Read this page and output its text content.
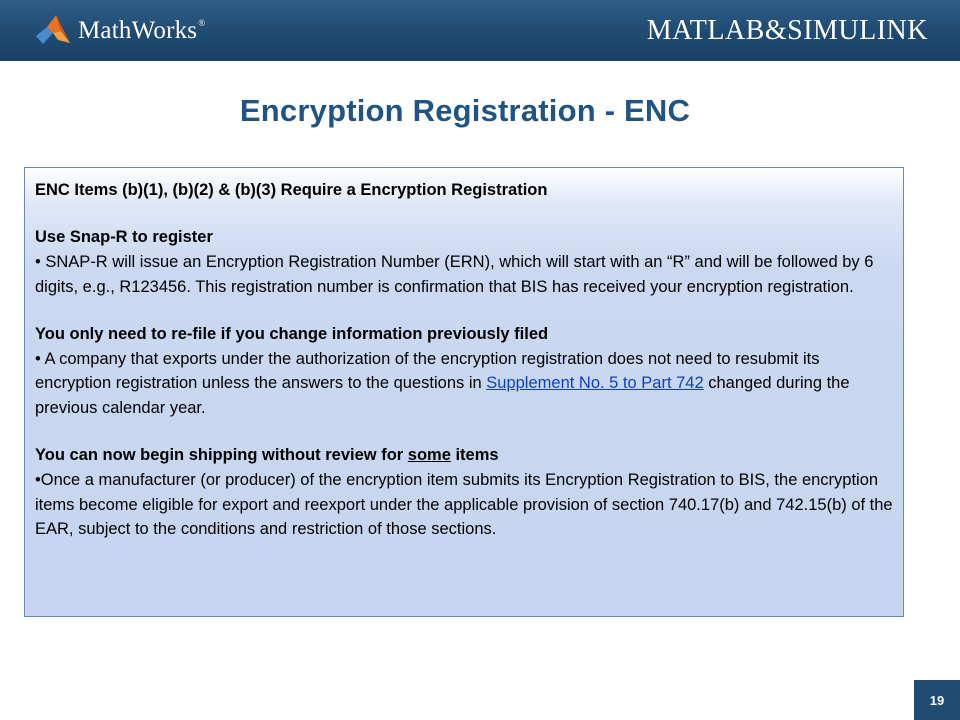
MathWorks®	MATLAB&SIMULINK
Encryption Registration - ENC

ENC Items (b)(1), (b)(2) & (b)(3) Require a Encryption Registration

Use Snap-R to register

• SNAP-R will issue an Encryption Registration Number (ERN), which will start with an “R” and will be followed by 6 digits, e.g., R123456. This registration number is confirmation that BIS has received your encryption registration.

You only need to re-file if you change information previously filed

• A company that exports under the authorization of the encryption registration does not need to resubmit its encryption registration unless the answers to the questions in Supplement No. 5 to Part 742 changed during the previous calendar year.

You can now begin shipping without review for some items

•Once a manufacturer (or producer) of the encryption item submits its Encryption Registration to BIS, the encryption items become eligible for export and reexport under the applicable provision of section 740.17(b) and 742.15(b) of the EAR, subject to the conditions and restriction of those sections.

19
